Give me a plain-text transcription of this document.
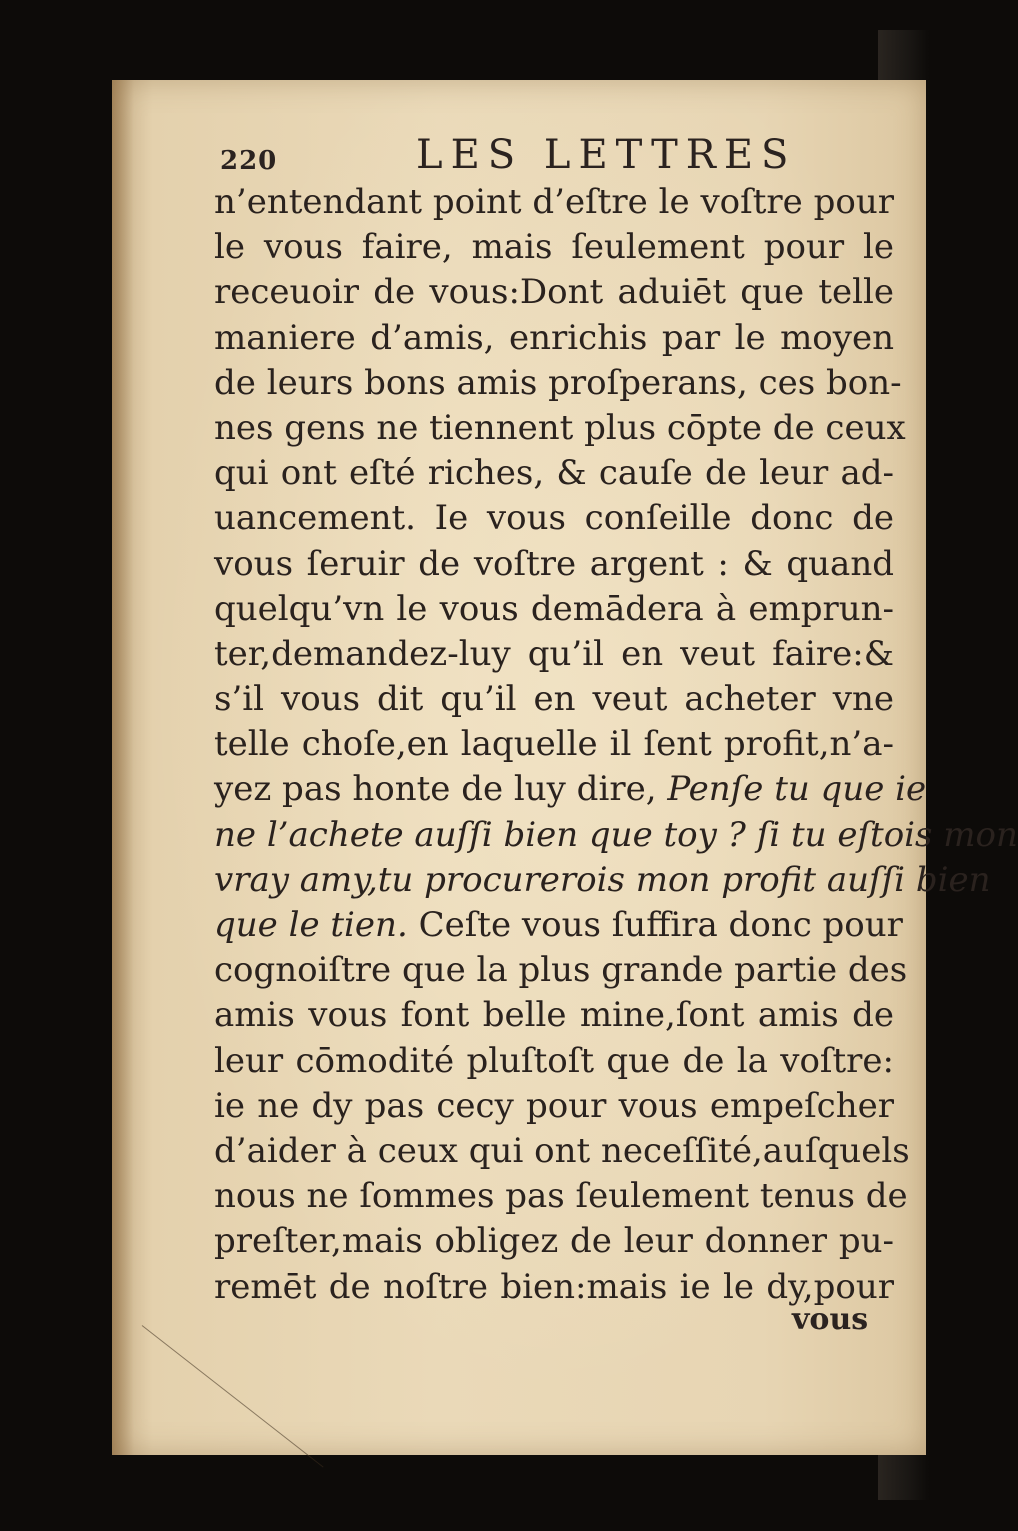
220	LES LETTRES
n’entendant point d’eſtre le voſtre pour
le vous faire, mais ſeulement pour le
receuoir de vous:Dont aduiēt que telle
maniere d’amis, enrichis par le moyen
de leurs bons amis proſperans, ces bon-
nes gens ne tiennent plus cōpte de ceux
qui ont eſté riches, & cauſe de leur ad-
uancement. Ie vous conſeille donc de
vous ſeruir de voſtre argent : & quand
quelqu’vn le vous demādera à emprun-
ter,demandez-luy qu’il en veut faire:&
s’il vous dit qu’il en veut acheter vne
telle choſe,en laquelle il ſent profit,n’a-
yez pas honte de luy dire, Penſe tu que ie
ne l’achete auſſi bien que toy ? ſi tu eſtois mon
vray amy,tu procurerois mon profit auſſi bien
que le tien. Ceſte vous ſuffira donc pour
cognoiſtre que la plus grande partie des
amis vous font belle mine,ſont amis de
leur cōmodité pluſtoſt que de la voſtre:
ie ne dy pas cecy pour vous empeſcher
d’aider à ceux qui ont neceſſité,auſquels
nous ne ſommes pas ſeulement tenus de
preſter,mais obligez de leur donner pu-
remēt de noſtre bien:mais ie le dy,pour
vous
